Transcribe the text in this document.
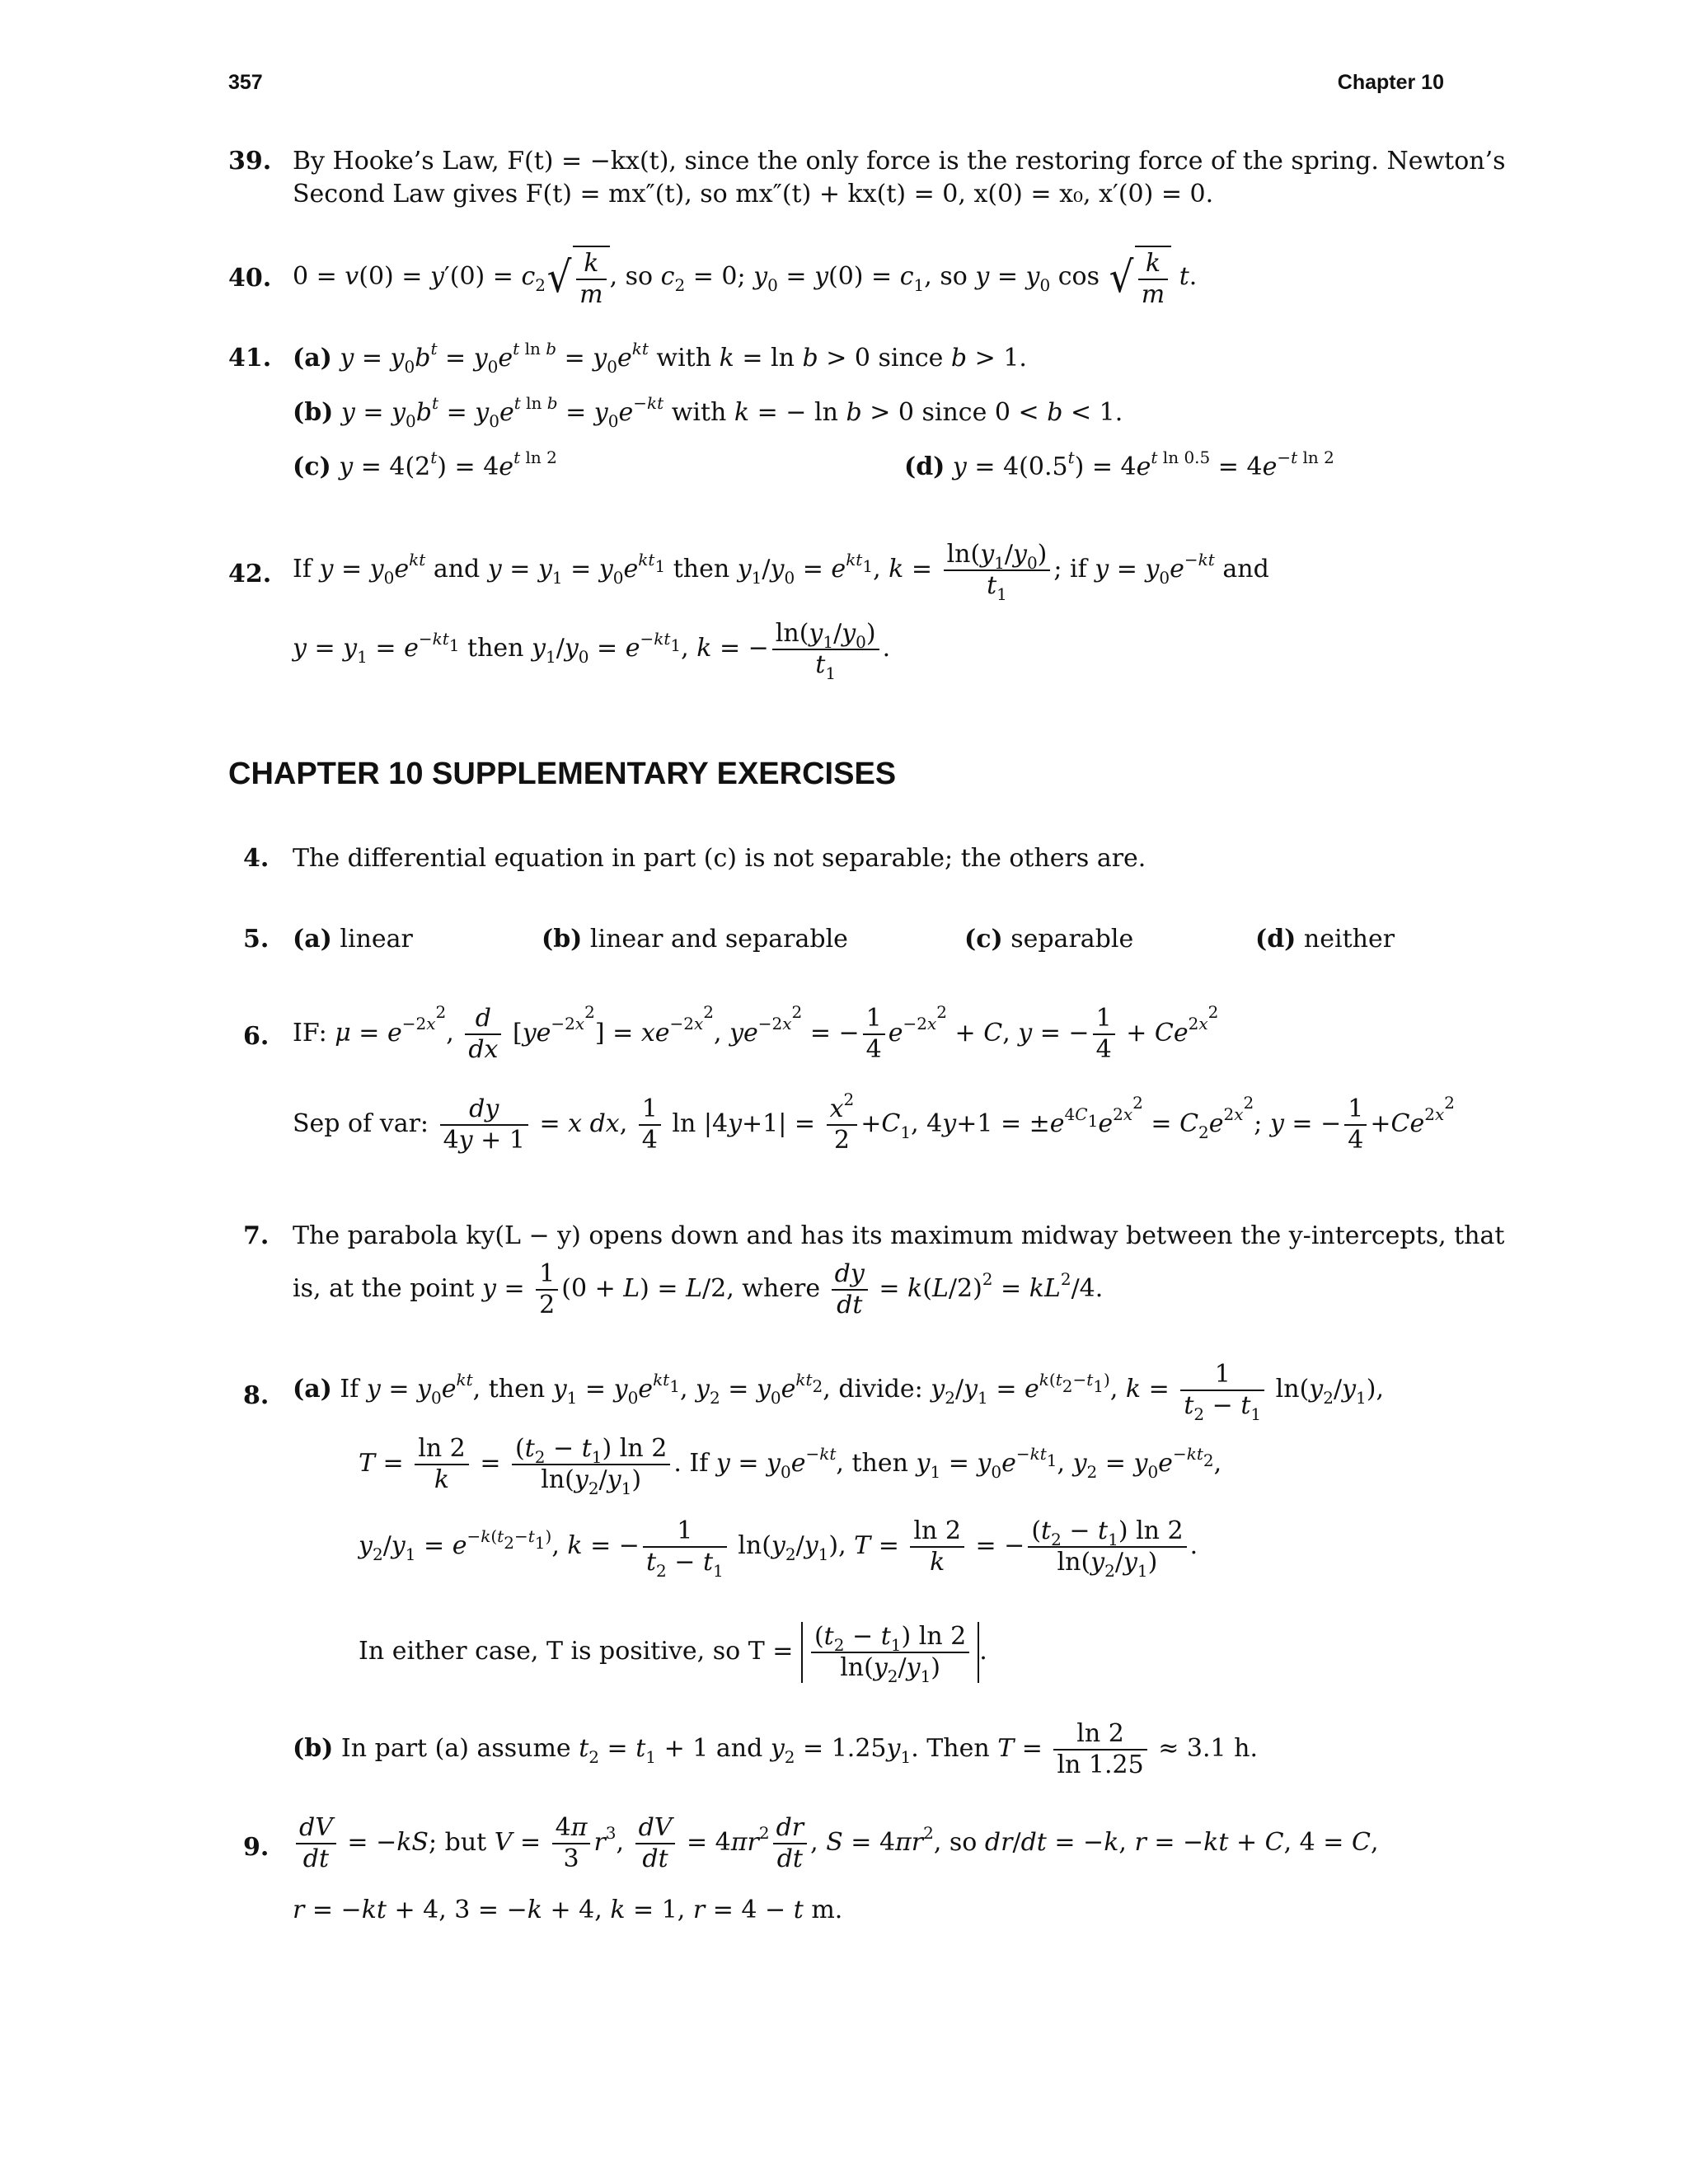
357	Chapter 10
39. By Hooke’s Law, F(t) = −kx(t), since the only force is the restoring force of the spring. Newton’s
Second Law gives F(t) = mx″(t), so mx″(t) + kx(t) = 0, x(0) = x₀, x′(0) = 0.
40. $0 = v(0) = y'(0) = c_2√ \frac{k}{m}$ , so $c_2 = 0$; $y_0 = y(0) = c_1$, so $y = y_0$ cos √ $\frac{k}{m} t$.
41. (a) $y = y_0b^t = y_0e^{t ln b} = y_0e^{kt}$ with k = ln b > 0 since b > 1.
(b) $y = y_0b^t = y_0e^{t ln b} = y_0e^{-kt}$ with k = − ln b > 0 since 0 < b < 1.
(c) $y = 4(2^t) = 4e^{t ln 2}$	(d) $y = 4(0.5^t) = 4e^{t ln 0.5} = 4e^{-t ln 2}$
42. If $y = y_0e^{kt}$ and $y = y_1 = y_0e^{kt_1}$ then $y_1/y_0 = e^{kt_1}$, $k = \frac{\ln(y_1/y_0)}{t_1}$ ; if $y = y_0e^{-kt}$ and
$y = y_1 = e^{-kt_1}$ then $y_1/y_0 = e^{-kt_1}$, k = − $\frac{\ln(y_1/y_0)}{t_1}$ .
CHAPTER 10 SUPPLEMENTARY EXERCISES
4. The differential equation in part (c) is not separable; the others are.
5. (a) linear	(b) linear and separable	(c) separable	(d) neither
6. IF: $\mu = e^{-2x^2}$, $\frac{d}{dx} [ye^{-2x^2}] = xe^{-2x^2}$, $ye^{-2x^2}$ = − $\frac{1}{4} e^{-2x^2} + C$, y = − $\frac{1}{4} + Ce^{2x^2}$
Sep of var: $\frac{dy}{4y + 1} = x$ dx, $\frac{1}{4}$ $\ln |4y+1| = \frac{x^2}{2} +C_1$, $4y+1 = \pm e^{4C_1}e^{2x^2} = C_2e^{2x^2}$; y = − $\frac{1}{4} +Ce^{2x^2}$
7. The parabola ky(L − y) opens down and has its maximum midway between the y-intercepts, that
is, at the point $y = \frac{1}{2} (0 + L) = L/2$, where $\frac{dy}{dt} = k(L/2)^2 = kL^2/4$.
8. (a) If $y = y_0e^{kt}$, then $y_1 = y_0e^{kt_1}$, $y_2 = y_0e^{kt_2}$, divide: $y_2/y_1 = e^{k(t_2-t_1)}$, $k = \frac{1}{t_2 - t_1} \ln(y_2/y_1)$,
$T = \frac{\ln 2}{k} = \frac{(t_2 - t_1) \ln 2}{\ln(y_2/y_1)}$ . If $y = y_0e^{-kt}$, then $y_1 = y_0e^{-kt_1}$, $y_2 = y_0e^{-kt_2}$,
$y_2/y_1 = e^{-k(t_2-t_1)}$, k = − $\frac{1}{t_2 - t_1} \ln(y_2/y_1)$, $T = \frac{\ln 2}{k}$ = − $\frac{(t_2 - t_1) \ln 2}{\ln(y_2/y_1)}$ .
In either case, T is positive, so $T = \frac{(t_2 - t_1) \ln 2}{\ln(y_2/y_1)}$ .
(b) In part (a) assume $t_2 = t_1 + 1$ and $y_2 = 1.25y_1$. Then $T = \frac{\ln 2}{\ln 1.25} \approx 3.1$ h.
9. $\frac{dV}{dt} = -kS$; but $V = \frac{4\pi}{3} r^3$, $\frac{dV}{dt} = 4\pi r^2 \frac{dr}{dt}$ , $S = 4\pi r^2$, so dr/dt = −k, r = −kt + C, 4 = C,
r = −kt + 4, 3 = −k + 4, k = 1, r = 4 − t m.
